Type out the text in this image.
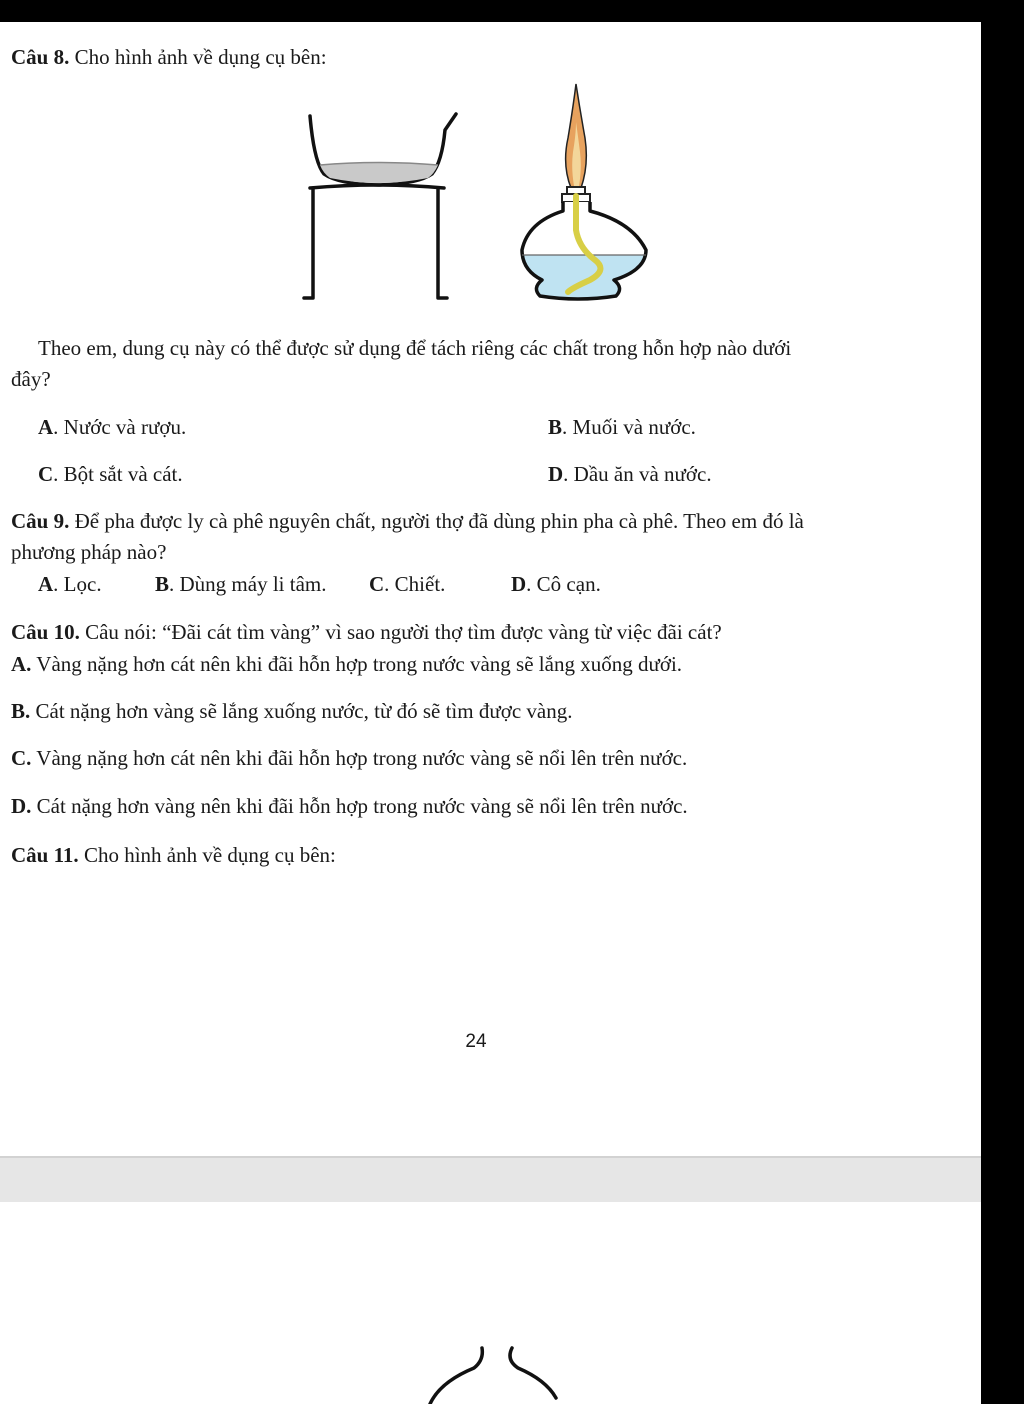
Câu 8. Cho hình ảnh về dụng cụ bên:
Theo em, dung cụ này có thể được sử dụng để tách riêng các chất trong hỗn hợp nào dưới
đây?
A. Nước và rượu.	B. Muối và nước.
C. Bột sắt và cát.	D. Dầu ăn và nước.
Câu 9. Để pha được ly cà phê nguyên chất, người thợ đã dùng phin pha cà phê. Theo em đó là
phương pháp nào?
A. Lọc.	B. Dùng máy li tâm. C. Chiết.	D. Cô cạn.
Câu 10. Câu nói: “Đãi cát tìm vàng” vì sao người thợ tìm được vàng từ việc đãi cát?
A. Vàng nặng hơn cát nên khi đãi hỗn hợp trong nước vàng sẽ lắng xuống dưới.
B. Cát nặng hơn vàng sẽ lắng xuống nước, từ đó sẽ tìm được vàng.
C. Vàng nặng hơn cát nên khi đãi hỗn hợp trong nước vàng sẽ nổi lên trên nước.
D. Cát nặng hơn vàng nên khi đãi hỗn hợp trong nước vàng sẽ nổi lên trên nước.
Câu 11. Cho hình ảnh về dụng cụ bên:
24
